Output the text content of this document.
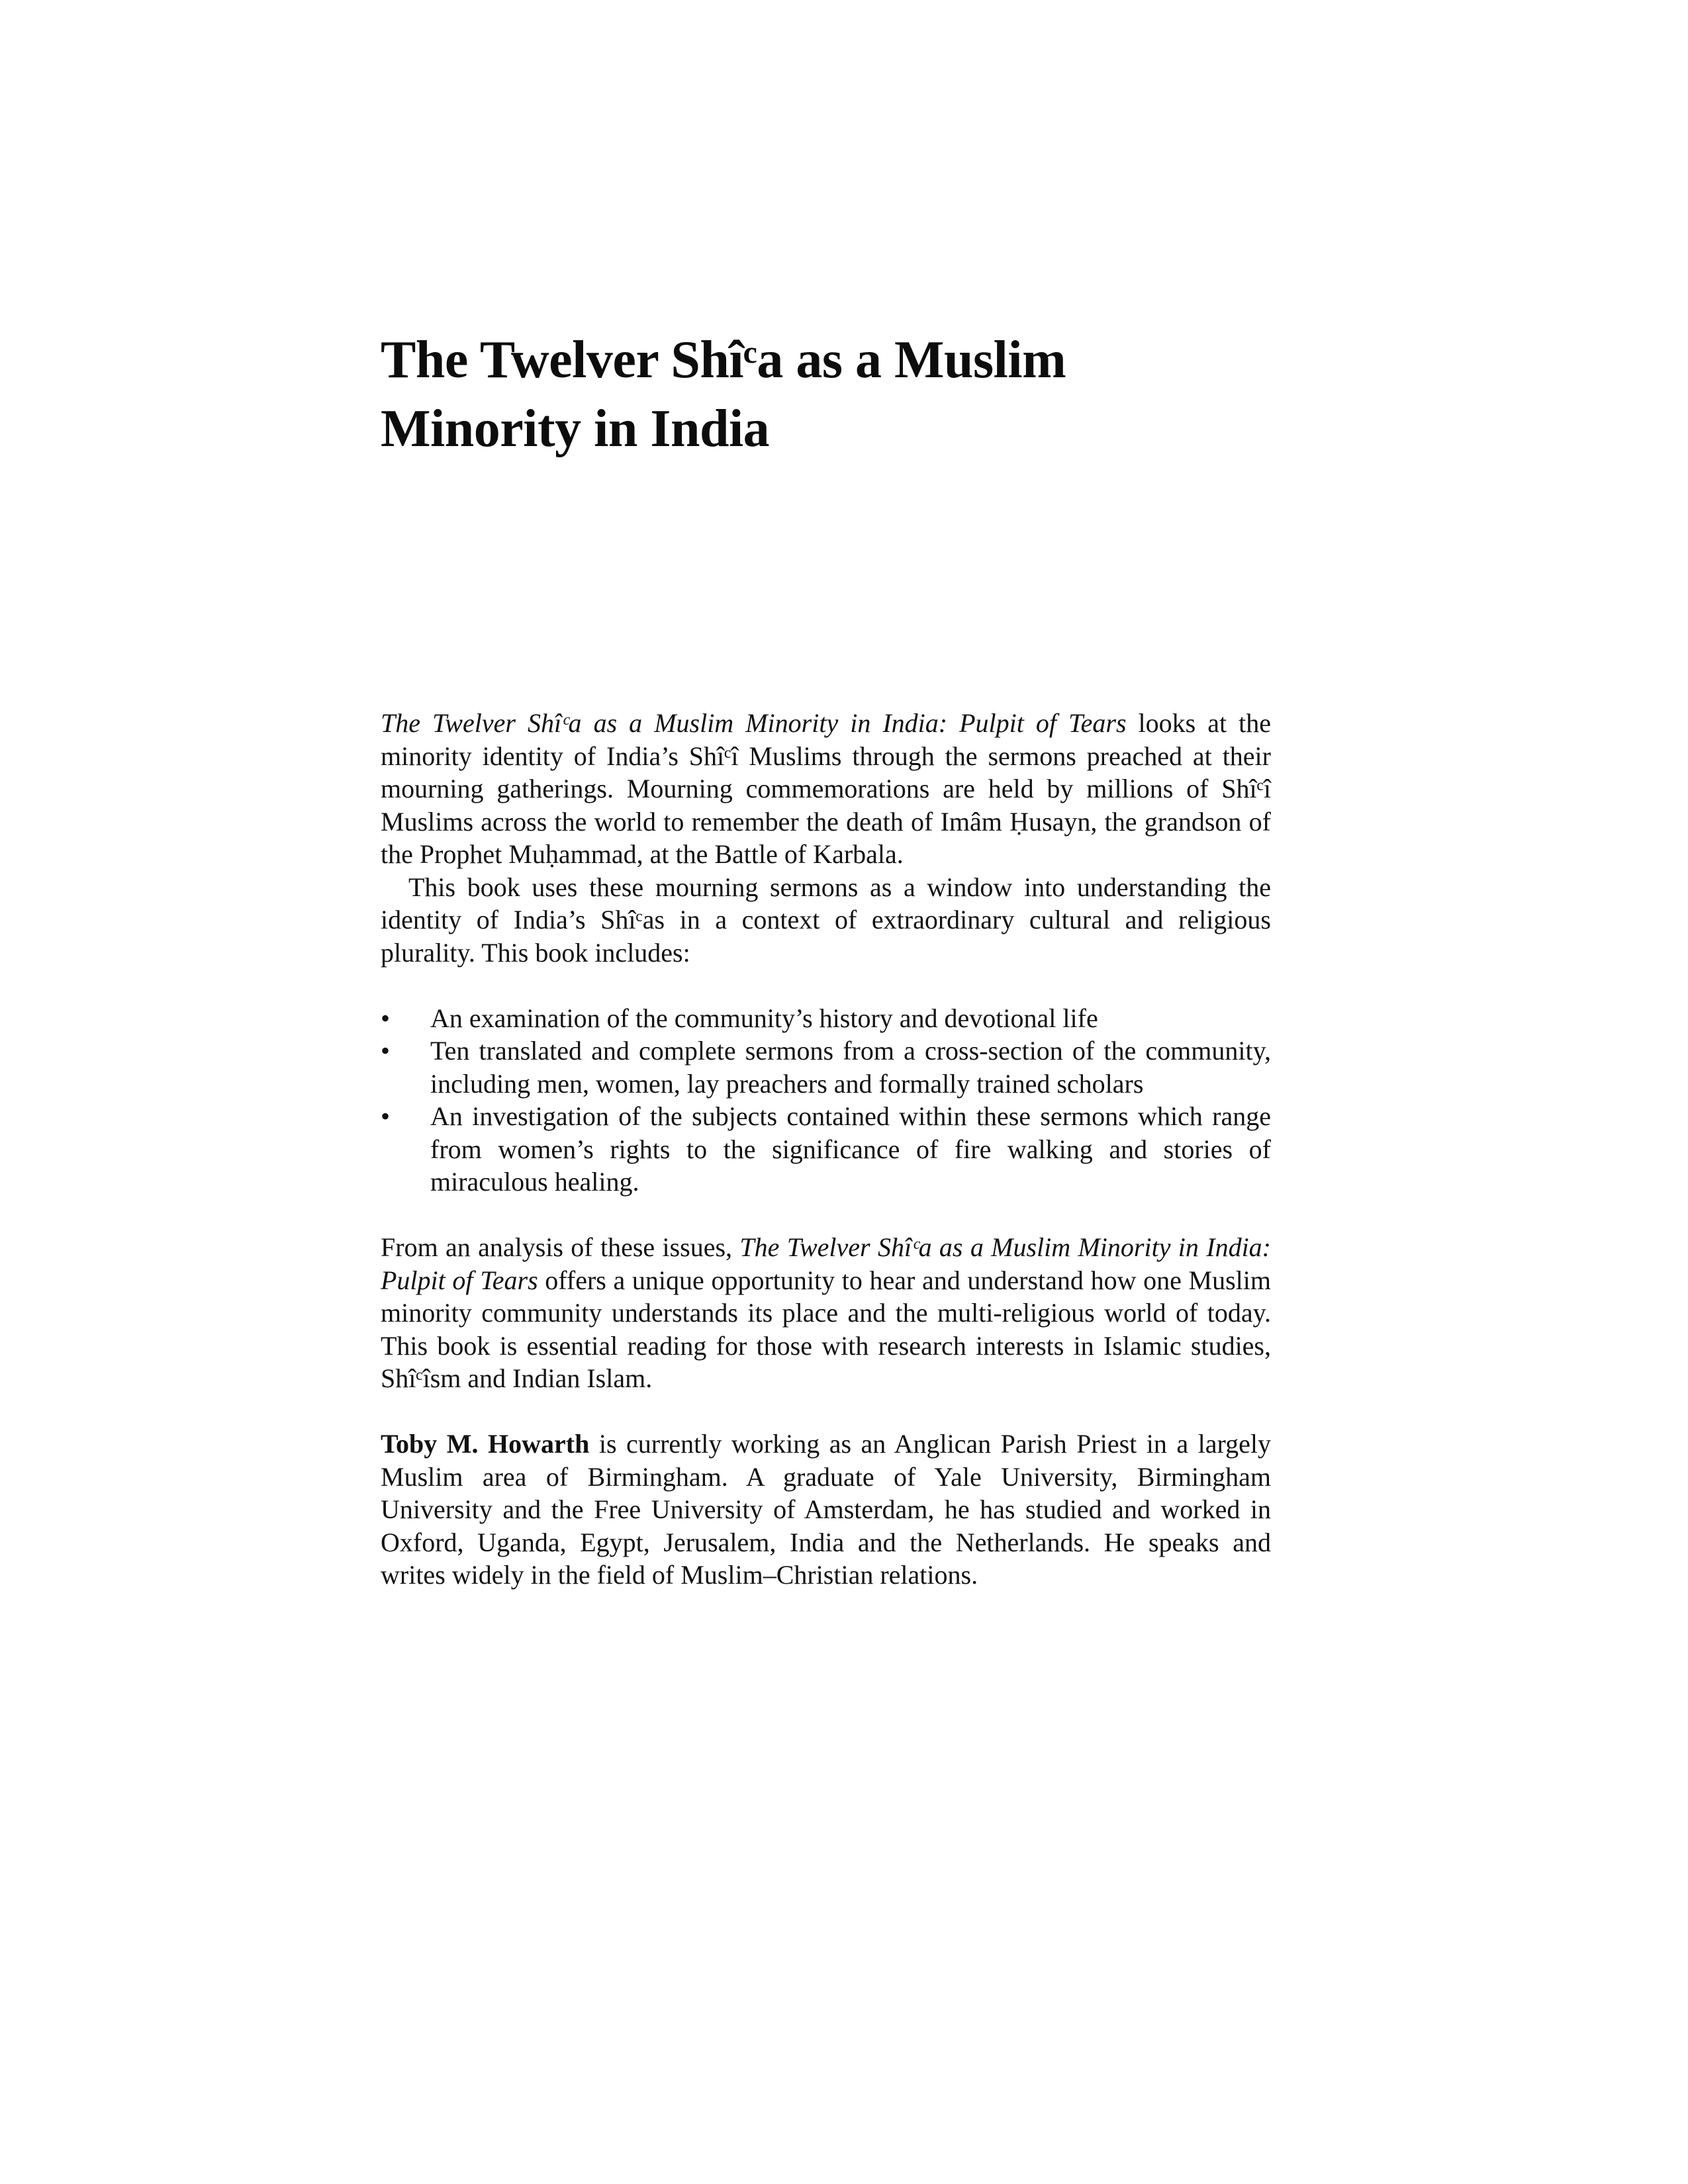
The Twelver Shîᶜa as a Muslim
Minority in India

The Twelver Shîᶜa as a Muslim Minority in India: Pulpit of Tears looks at the minority identity of India’s Shîᶜî Muslims through the sermons preached at their mourning gatherings. Mourning commemorations are held by millions of Shîᶜî Muslims across the world to remember the death of Imâm Ḥusayn, the grandson of the Prophet Muḥammad, at the Battle of Karbala.

This book uses these mourning sermons as a window into understanding the identity of India’s Shîᶜas in a context of extraordinary cultural and religious plurality. This book includes:

•	An examination of the community’s history and devotional life
•	Ten translated and complete sermons from a cross-section of the community, including men, women, lay preachers and formally trained scholars
•	An investigation of the subjects contained within these sermons which range from women’s rights to the significance of fire walking and stories of miraculous healing.

From an analysis of these issues, The Twelver Shîᶜa as a Muslim Minority in India: Pulpit of Tears offers a unique opportunity to hear and understand how one Muslim minority community understands its place and the multi-religious world of today. This book is essential reading for those with research interests in Islamic studies, Shîᶜîsm and Indian Islam.

Toby M. Howarth is currently working as an Anglican Parish Priest in a largely Muslim area of Birmingham. A graduate of Yale University, Birmingham University and the Free University of Amsterdam, he has studied and worked in Oxford, Uganda, Egypt, Jerusalem, India and the Netherlands. He speaks and writes widely in the field of Muslim–Christian relations.
